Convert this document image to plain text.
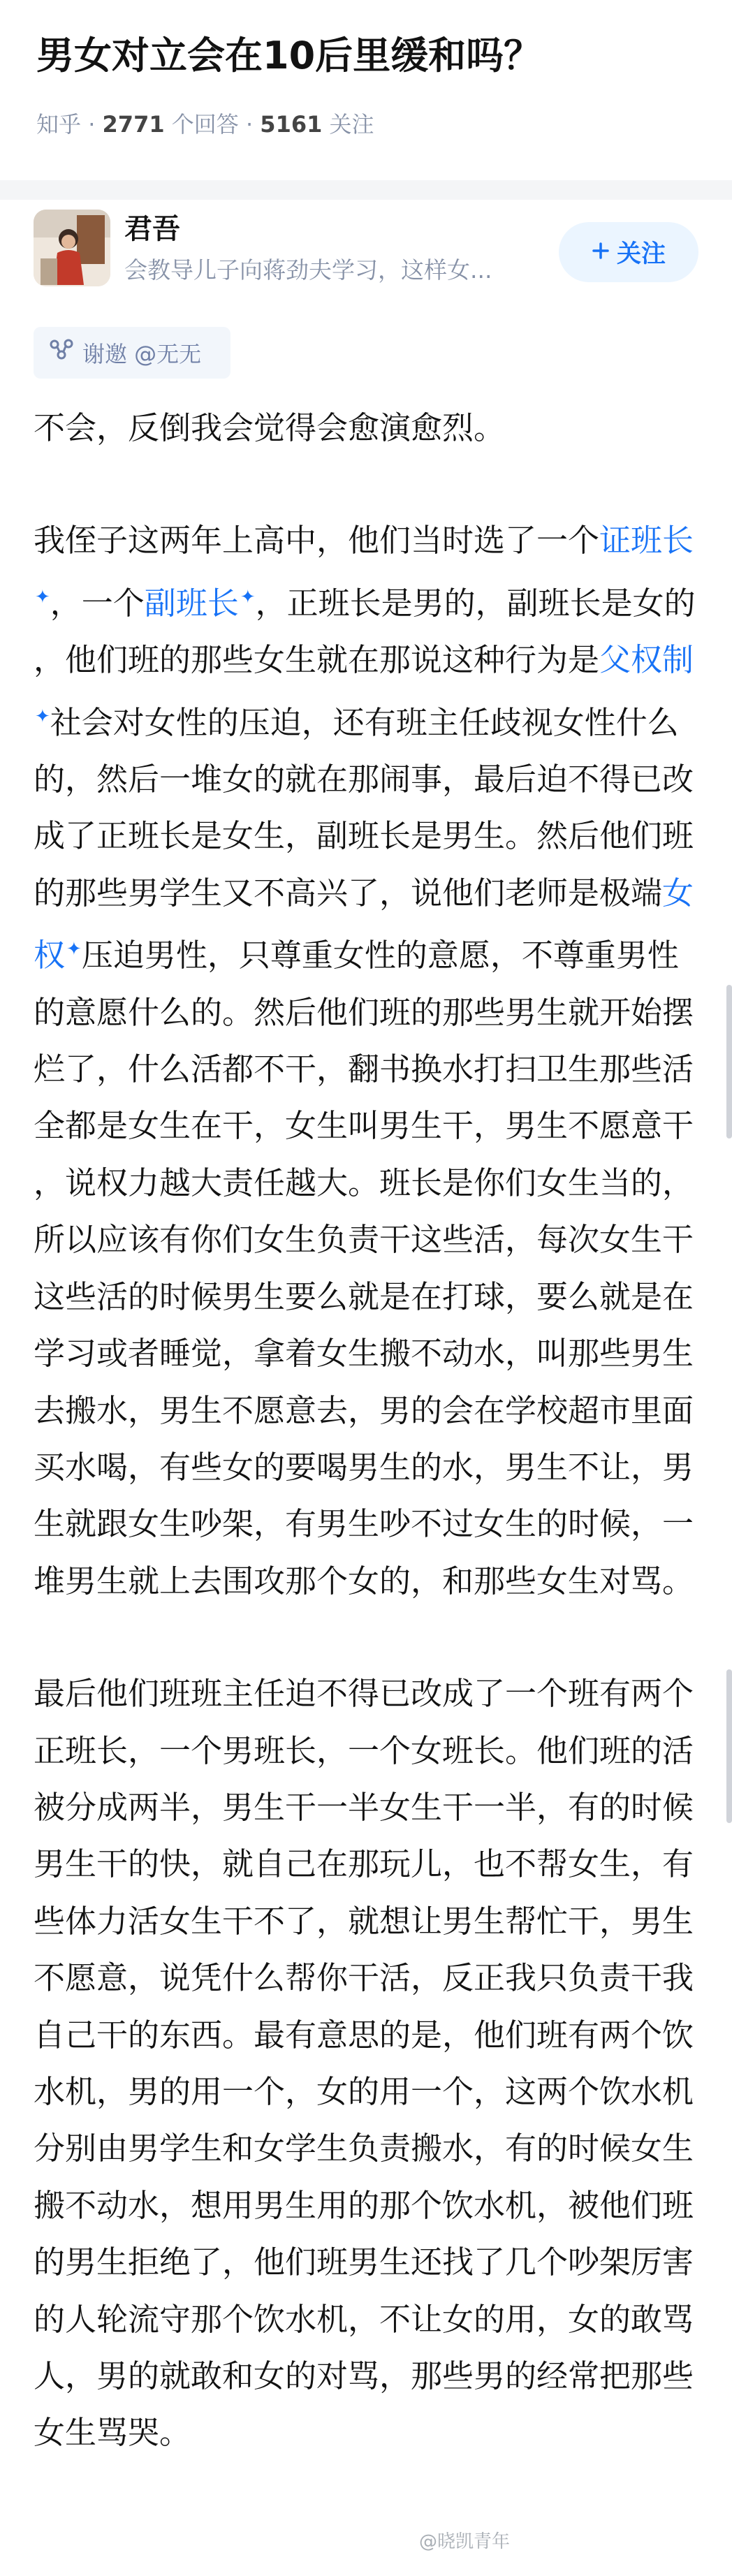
男女对立会在10后里缓和吗？
知乎 · 2771 个回答 · 5161 关注
君吾
会教导儿子向蒋劲夫学习，这样女...
关注
谢邀 @无无

不会，反倒我会觉得会愈演愈烈。

我侄子这两年上高中，他们当时选了一个证班长✦，一个副班长✦，正班长是男的，副班长是女的，他们班的那些女生就在那说这种行为是父权制✦社会对女性的压迫，还有班主任歧视女性什么的，然后一堆女的就在那闹事，最后迫不得已改成了正班长是女生，副班长是男生。然后他们班的那些男学生又不高兴了，说他们老师是极端女权✦压迫男性，只尊重女性的意愿，不尊重男性的意愿什么的。然后他们班的那些男生就开始摆烂了，什么活都不干，翻书换水打扫卫生那些活全都是女生在干，女生叫男生干，男生不愿意干，说权力越大责任越大。班长是你们女生当的，所以应该有你们女生负责干这些活，每次女生干这些活的时候男生要么就是在打球，要么就是在学习或者睡觉，拿着女生搬不动水，叫那些男生去搬水，男生不愿意去，男的会在学校超市里面买水喝，有些女的要喝男生的水，男生不让，男生就跟女生吵架，有男生吵不过女生的时候，一堆男生就上去围攻那个女的，和那些女生对骂。

最后他们班班主任迫不得已改成了一个班有两个正班长，一个男班长，一个女班长。他们班的活被分成两半，男生干一半女生干一半，有的时候男生干的快，就自己在那玩儿，也不帮女生，有些体力活女生干不了，就想让男生帮忙干，男生不愿意，说凭什么帮你干活，反正我只负责干我自己干的东西。最有意思的是，他们班有两个饮水机，男的用一个，女的用一个，这两个饮水机分别由男学生和女学生负责搬水，有的时候女生搬不动水，想用男生用的那个饮水机，被他们班的男生拒绝了，他们班男生还找了几个吵架厉害的人轮流守那个饮水机，不让女的用，女的敢骂人，男的就敢和女的对骂，那些男的经常把那些女生骂哭。

@晓凯青年
